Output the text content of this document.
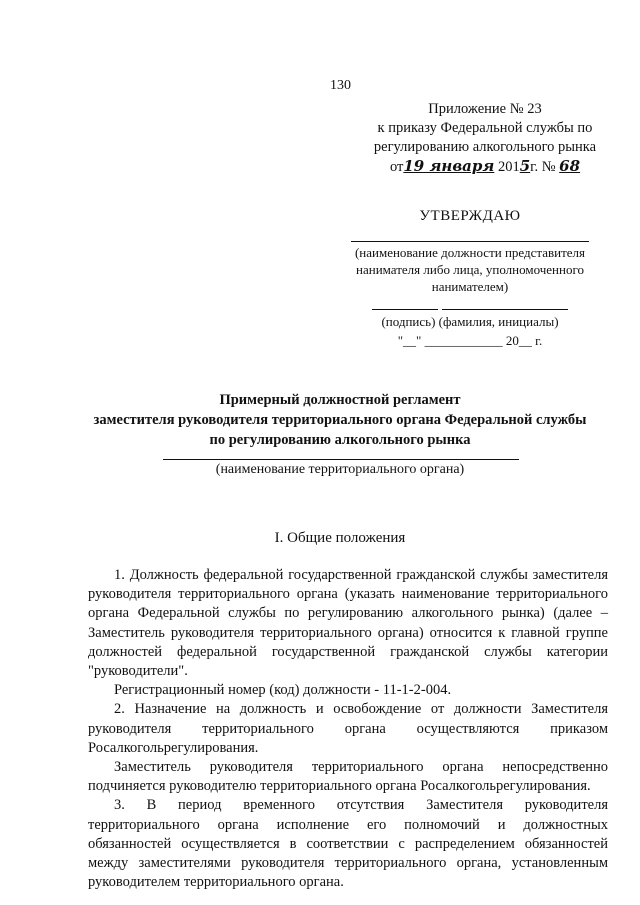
130
Приложение № 23
к приказу Федеральной службы по
регулированию алкогольного рынка
от19 января 2015г. № 68
УТВЕРЖДАЮ
(наименование должности представителя нанимателя либо лица, уполномоченного нанимателем)
(подпись) (фамилия, инициалы)
"__" ____________ 20__ г.
Примерный должностной регламент
заместителя руководителя территориального органа Федеральной службы
по регулированию алкогольного рынка
(наименование территориального органа)
I. Общие положения

1. Должность федеральной государственной гражданской службы заместителя руководителя территориального органа (указать наименование территориального органа Федеральной службы по регулированию алкогольного рынка) (далее – Заместитель руководителя территориального органа) относится к главной группе должностей федеральной государственной гражданской службы категории "руководители".

Регистрационный номер (код) должности - 11-1-2-004.

2. Назначение на должность и освобождение от должности Заместителя руководителя территориального органа осуществляются приказом Росалкогольрегулирования.

Заместитель руководителя территориального органа непосредственно подчиняется руководителю территориального органа Росалкогольрегулирования.

3. В период временного отсутствия Заместителя руководителя территориального органа исполнение его полномочий и должностных обязанностей осуществляется в соответствии с распределением обязанностей между заместителями руководителя территориального органа, установленным руководителем территориального органа.
